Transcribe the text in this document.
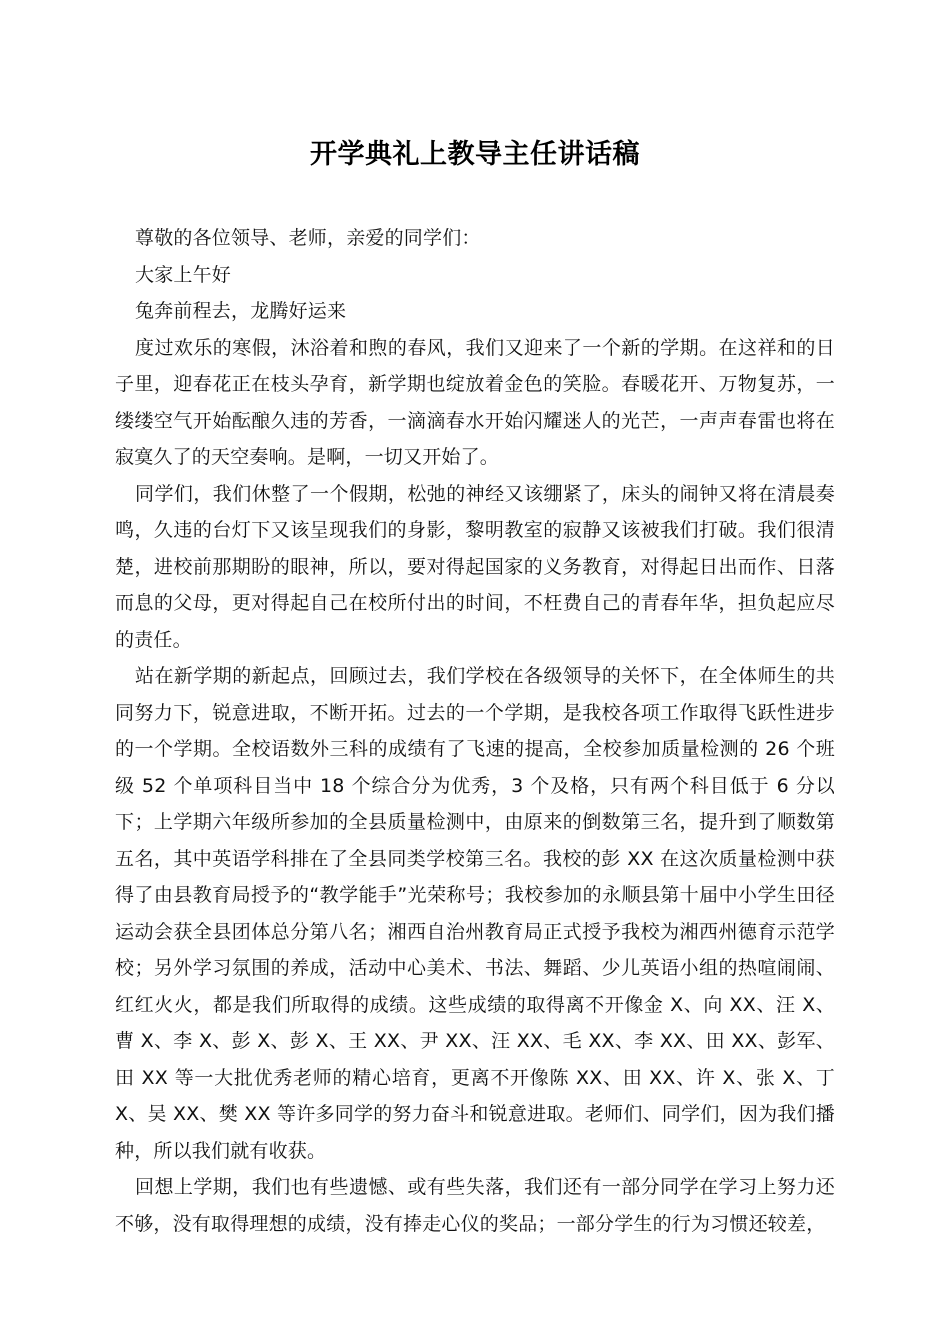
开学典礼上教导主任讲话稿

尊敬的各位领导、老师，亲爱的同学们：

大家上午好

兔奔前程去，龙腾好运来

度过欢乐的寒假，沐浴着和煦的春风，我们又迎来了一个新的学期。在这祥和的日子里，迎春花正在枝头孕育，新学期也绽放着金色的笑脸。春暖花开、万物复苏，一缕缕空气开始酝酿久违的芳香，一滴滴春水开始闪耀迷人的光芒，一声声春雷也将在寂寞久了的天空奏响。是啊，一切又开始了。

同学们，我们休整了一个假期，松弛的神经又该绷紧了，床头的闹钟又将在清晨奏鸣，久违的台灯下又该呈现我们的身影，黎明教室的寂静又该被我们打破。我们很清楚，进校前那期盼的眼神，所以，要对得起国家的义务教育，对得起日出而作、日落而息的父母，更对得起自己在校所付出的时间，不枉费自己的青春年华，担负起应尽的责任。

站在新学期的新起点，回顾过去，我们学校在各级领导的关怀下，在全体师生的共同努力下，锐意进取，不断开拓。过去的一个学期，是我校各项工作取得飞跃性进步的一个学期。全校语数外三科的成绩有了飞速的提高，全校参加质量检测的 26 个班级 52 个单项科目当中 18 个综合分为优秀，3 个及格，只有两个科目低于 6 分以下；上学期六年级所参加的全县质量检测中，由原来的倒数第三名，提升到了顺数第五名，其中英语学科排在了全县同类学校第三名。我校的彭 XX 在这次质量检测中获得了由县教育局授予的“教学能手”光荣称号；我校参加的永顺县第十届中小学生田径运动会获全县团体总分第八名；湘西自治州教育局正式授予我校为湘西州德育示范学校；另外学习氛围的养成，活动中心美术、书法、舞蹈、少儿英语小组的热喧闹闹、红红火火，都是我们所取得的成绩。这些成绩的取得离不开像金 X、向 XX、汪 X、曹 X、李 X、彭 X、彭 X、王 XX、尹 XX、汪 XX、毛 XX、李 XX、田 XX、彭军、田 XX 等一大批优秀老师的精心培育，更离不开像陈 XX、田 XX、许 X、张 X、丁 X、吴 XX、樊 XX 等许多同学的努力奋斗和锐意进取。老师们、同学们，因为我们播种，所以我们就有收获。

回想上学期，我们也有些遗憾、或有些失落，我们还有一部分同学在学习上努力还不够，没有取得理想的成绩，没有捧走心仪的奖品；一部分学生的行为习惯还较差，
